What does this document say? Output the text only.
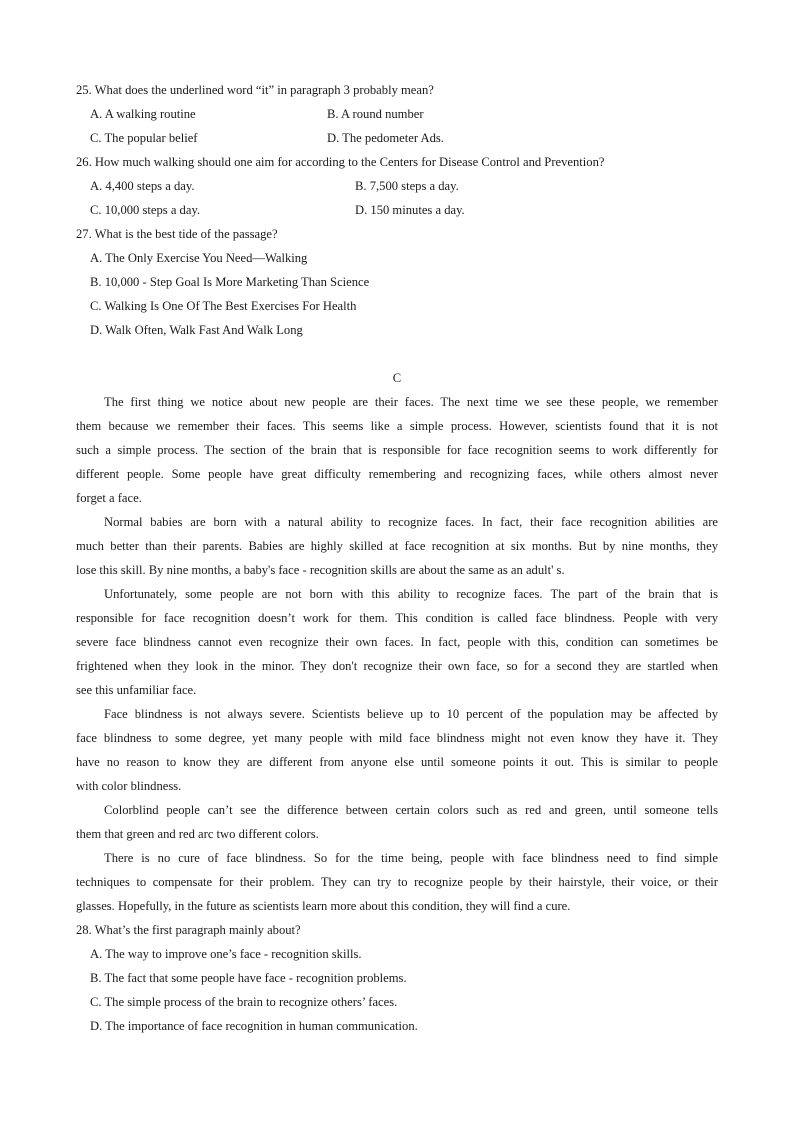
25. What does the underlined word “it” in paragraph 3 probably mean?
A. A walking routine	B. A round number
C. The popular belief	D. The pedometer Ads.
26. How much walking should one aim for according to the Centers for Disease Control and Prevention?
A. 4,400 steps a day.	B. 7,500 steps a day.
C. 10,000 steps a day.	D. 150 minutes a day.
27. What is the best tide of the passage?
A. The Only Exercise You Need—Walking
B. 10,000 - Step Goal Is More Marketing Than Science
C. Walking Is One Of The Best Exercises For Health
D. Walk Often, Walk Fast And Walk Long
C
The first thing we notice about new people are their faces. The next time we see these people, we remember
them because we remember their faces. This seems like a simple process. However, scientists found that it is not
such a simple process. The section of the brain that is responsible for face recognition seems to work differently for
different people. Some people have great difficulty remembering and recognizing faces, while others almost never
forget a face.
Normal babies are born with a natural ability to recognize faces. In fact, their face recognition abilities are
much better than their parents. Babies are highly skilled at face recognition at six months. But by nine months, they
lose this skill. By nine months, a baby's face - recognition skills are about the same as an adult' s.
Unfortunately, some people are not born with this ability to recognize faces. The part of the brain that is
responsible for face recognition doesn’t work for them. This condition is called face blindness. People with very
severe face blindness cannot even recognize their own faces. In fact, people with this, condition can sometimes be
frightened when they look in the minor. They don't recognize their own face, so for a second they are startled when
see this unfamiliar face.
Face blindness is not always severe. Scientists believe up to 10 percent of the population may be affected by
face blindness to some degree, yet many people with mild face blindness might not even know they have it. They
have no reason to know they are different from anyone else until someone points it out. This is similar to people
with color blindness.
Colorblind people can’t see the difference between certain colors such as red and green, until someone tells
them that green and red arc two different colors.
There is no cure of face blindness. So for the time being, people with face blindness need to find simple
techniques to compensate for their problem. They can try to recognize people by their hairstyle, their voice, or their
glasses. Hopefully, in the future as scientists learn more about this condition, they will find a cure.
28. What’s the first paragraph mainly about?
A. The way to improve one’s face - recognition skills.
B. The fact that some people have face - recognition problems.
C. The simple process of the brain to recognize others’ faces.
D. The importance of face recognition in human communication.
